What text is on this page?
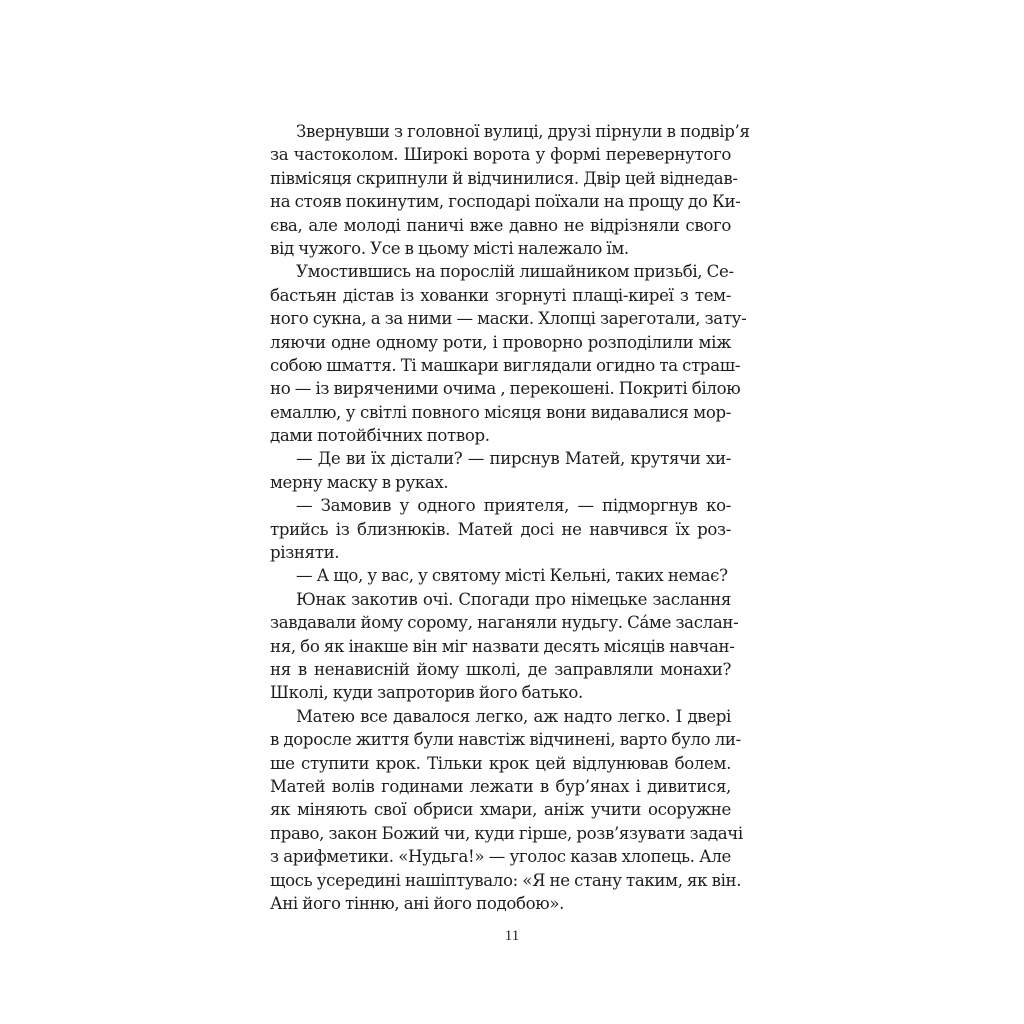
Звернувши з головної вулиці, друзі пірнули в подвір’я
за частоколом. Широкі ворота у формі перевернутого
півмісяця скрипнули й відчинилися. Двір цей віднедав-
на стояв покинутим, господарі поїхали на прощу до Ки-
єва, але молоді паничі вже давно не відрізняли свого
від чужого. Усе в цьому місті належало їм.
Умостившись на порослій лишайником призьбі, Се-
бастьян дістав із хованки згорнуті плащі-киреї з тем-
ного сукна, а за ними — маски. Хлопці зареготали, зату-
ляючи одне одному роти, і проворно розподілили між
собою шмаття. Ті машкари виглядали огидно та страш-
но — із виряченими очима , перекошені. Покриті білою
емаллю, у світлі повного місяця вони видавалися мор-
дами потойбічних потвор.
— Де ви їх дістали? — пирснув Матей, крутячи хи-
мерну маску в руках.
— Замовив у одного приятеля, — підморгнув ко-
трийсь із близнюків. Матей досі не навчився їх роз-
різняти.
— А що, у вас, у святому місті Кельні, таких немає?
Юнак закотив очі. Спогади про німецьке заслання
завдавали йому сорому, наганяли нудьгу. Са́ме заслан-
ня, бо як інакше він міг назвати десять місяців навчан-
ня в ненависній йому школі, де заправляли монахи?
Школі, куди запроторив його батько.
Матею все давалося легко, аж надто легко. І двері
в доросле життя були навстіж відчинені, варто було ли-
ше ступити крок. Тільки крок цей відлунював болем.
Матей волів годинами лежати в бур’янах і дивитися,
як міняють свої обриси хмари, аніж учити осоружне
право, закон Божий чи, куди гірше, розв’язувати задачі
з арифметики. «Нудьга!» — уголос казав хлопець. Але
щось усередині нашіптувало: «Я не стану таким, як він.
Ані його тінню, ані його подобою».
11
